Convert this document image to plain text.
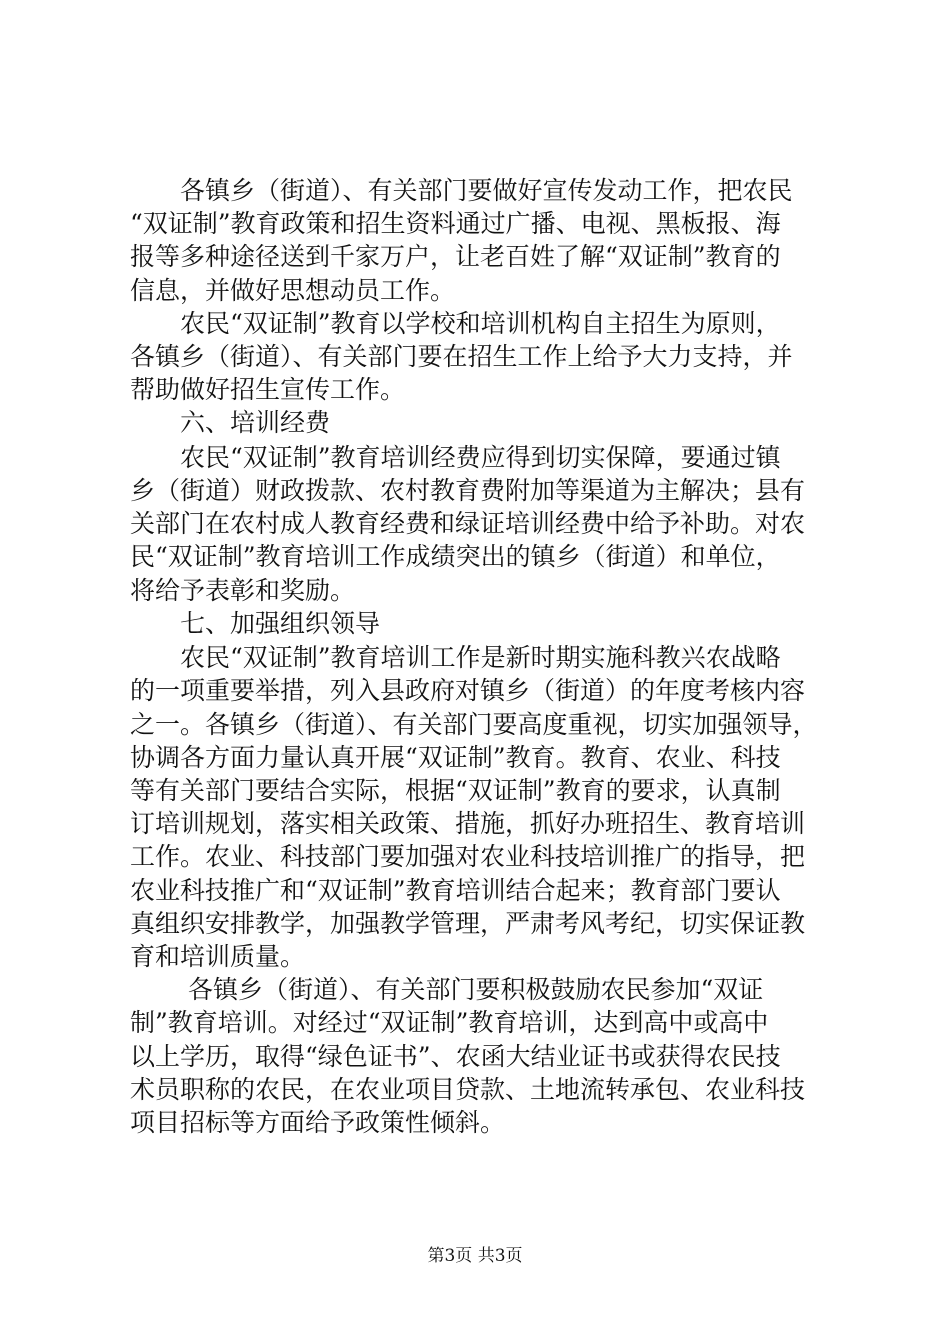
　　各镇乡（街道）、有关部门要做好宣传发动工作，把农民
“双证制”教育政策和招生资料通过广播、电视、黑板报、海
报等多种途径送到千家万户，让老百姓了解“双证制”教育的
信息，并做好思想动员工作。
　　农民“双证制”教育以学校和培训机构自主招生为原则，
各镇乡（街道）、有关部门要在招生工作上给予大力支持，并
帮助做好招生宣传工作。
　　六、培训经费
　　农民“双证制”教育培训经费应得到切实保障，要通过镇
乡（街道）财政拨款、农村教育费附加等渠道为主解决；县有
关部门在农村成人教育经费和绿证培训经费中给予补助。对农
民“双证制”教育培训工作成绩突出的镇乡（街道）和单位，
将给予表彰和奖励。
　　七、加强组织领导
　　农民“双证制”教育培训工作是新时期实施科教兴农战略
的一项重要举措，列入县政府对镇乡（街道）的年度考核内容
之一。各镇乡（街道）、有关部门要高度重视，切实加强领导，
协调各方面力量认真开展“双证制”教育。教育、农业、科技
等有关部门要结合实际，根据“双证制”教育的要求，认真制
订培训规划，落实相关政策、措施，抓好办班招生、教育培训
工作。农业、科技部门要加强对农业科技培训推广的指导，把
农业科技推广和“双证制”教育培训结合起来；教育部门要认
真组织安排教学，加强教学管理，严肃考风考纪，切实保证教
育和培训质量。
　　 各镇乡（街道）、有关部门要积极鼓励农民参加“双证
制”教育培训。对经过“双证制”教育培训，达到高中或高中
以上学历，取得“绿色证书”、农函大结业证书或获得农民技
术员职称的农民，在农业项目贷款、土地流转承包、农业科技
项目招标等方面给予政策性倾斜。
第3页 共3页
